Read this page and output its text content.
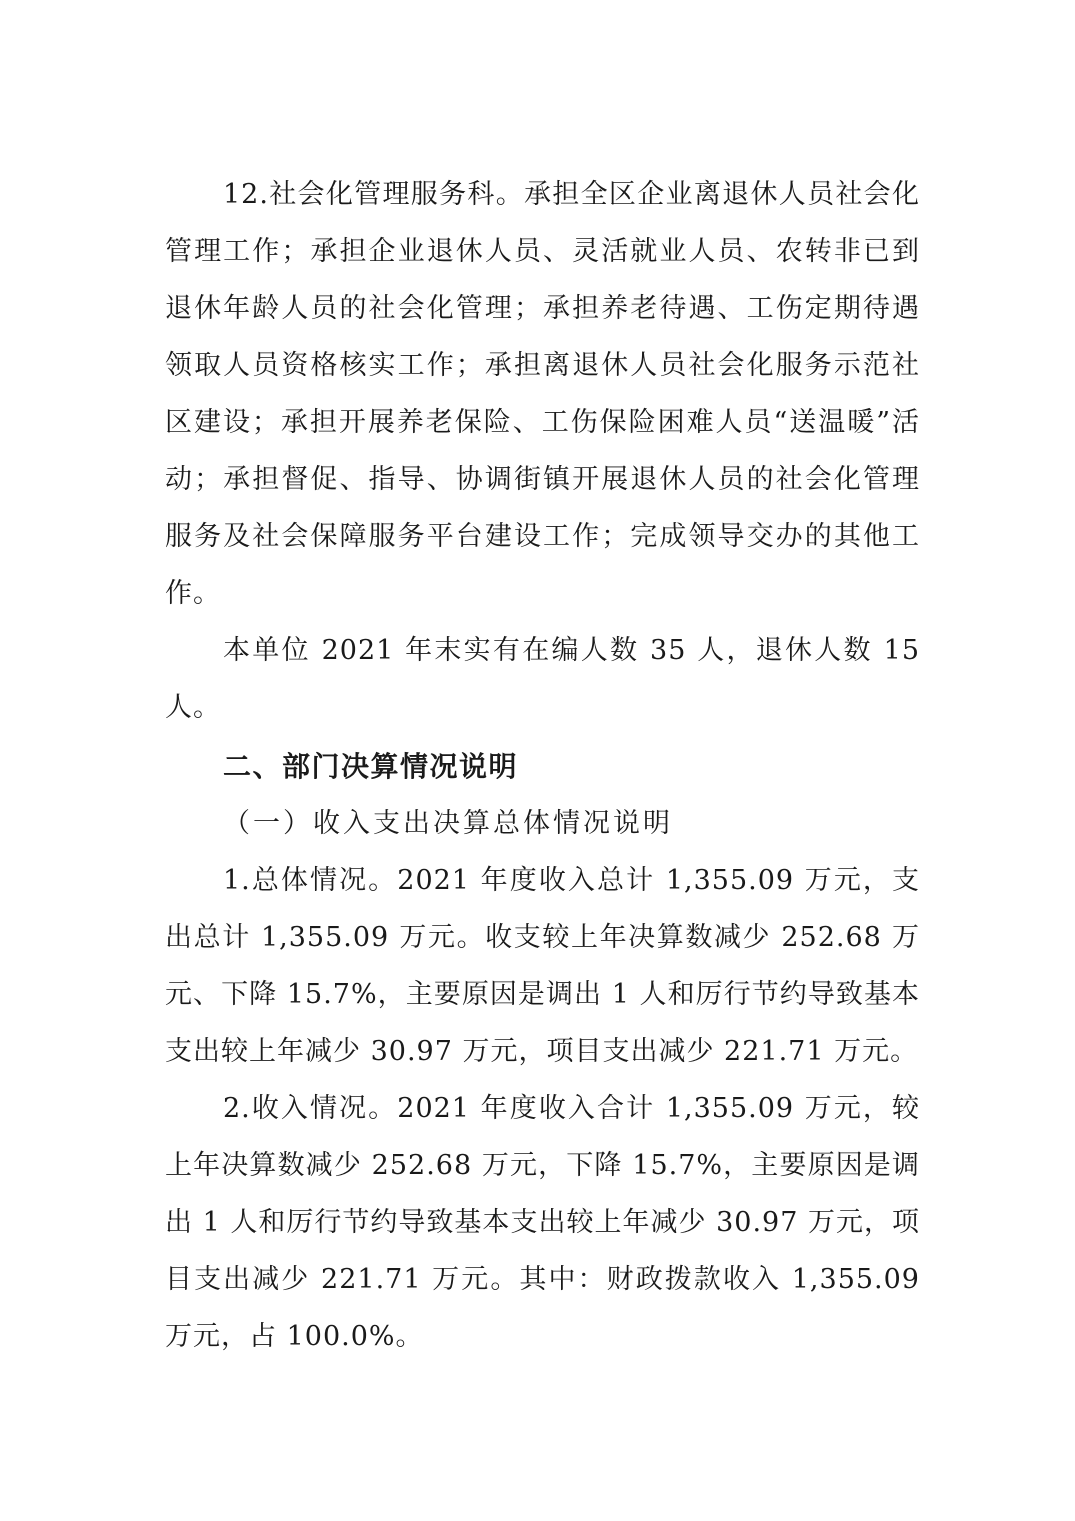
12.社会化管理服务科。承担全区企业离退休人员社会化管理工作；承担企业退休人员、灵活就业人员、农转非已到退休年龄人员的社会化管理；承担养老待遇、工伤定期待遇领取人员资格核实工作；承担离退休人员社会化服务示范社区建设；承担开展养老保险、工伤保险困难人员“送温暖”活动；承担督促、指导、协调街镇开展退休人员的社会化管理服务及社会保障服务平台建设工作；完成领导交办的其他工作。

本单位 2021 年末实有在编人数 35 人，退休人数 15 人。

二、部门决算情况说明

（一）收入支出决算总体情况说明

1.总体情况。2021 年度收入总计 1,355.09 万元，支出总计 1,355.09 万元。收支较上年决算数减少 252.68 万元、下降 15.7%，主要原因是调出 1 人和厉行节约导致基本支出较上年减少 30.97 万元，项目支出减少 221.71 万元。

2.收入情况。2021 年度收入合计 1,355.09 万元，较上年决算数减少 252.68 万元，下降 15.7%，主要原因是调出 1 人和厉行节约导致基本支出较上年减少 30.97 万元，项目支出减少 221.71 万元。其中：财政拨款收入 1,355.09 万元，占 100.0%。
